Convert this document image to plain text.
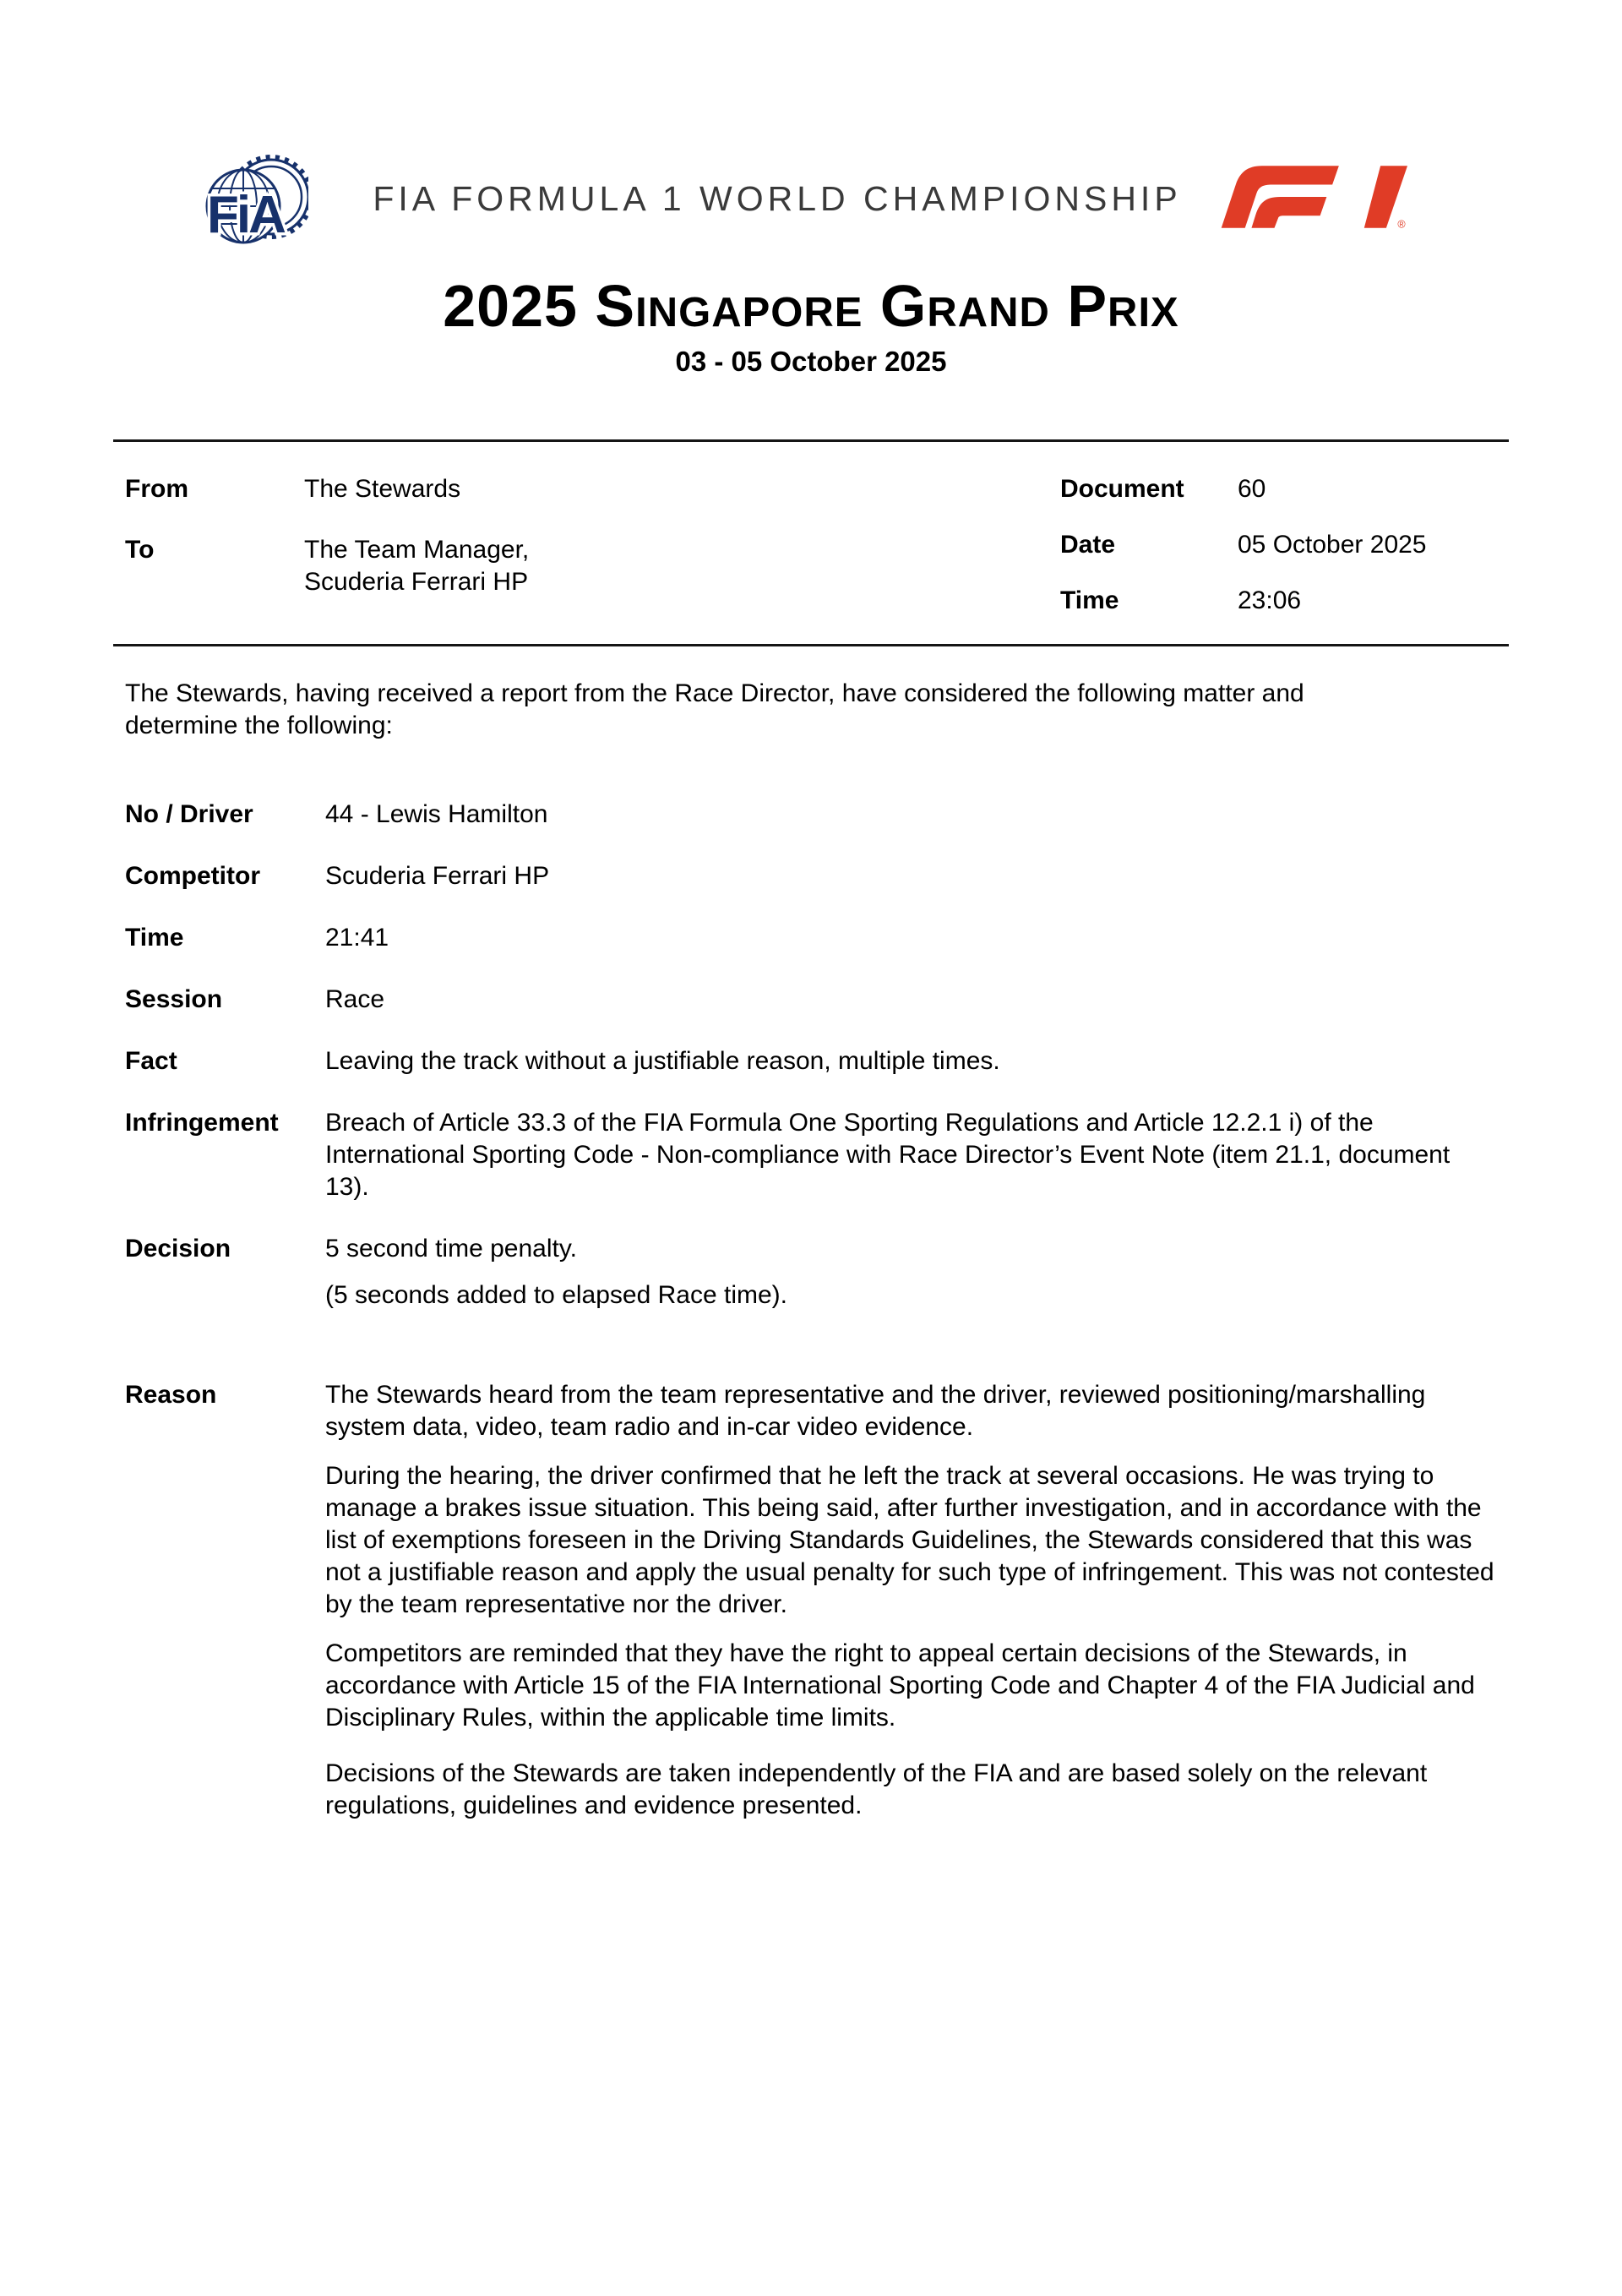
FiA	FIA FORMULA 1 WORLD CHAMPIONSHIP
®
2025 Singapore Grand Prix
03 - 05 October 2025
From	The Stewards
To	The Team Manager,
Scuderia Ferrari HP
Document	60
Date	05 October 2025
Time	23:06

The Stewards, having received a report from the Race Director, have considered the following matter and determine the following:

No / Driver	44 - Lewis Hamilton
Competitor	Scuderia Ferrari HP
Time	21:41
Session	Race
Fact	Leaving the track without a justifiable reason, multiple times.
Infringement	Breach of Article 33.3 of the FIA Formula One Sporting Regulations and Article 12.2.1 i) of the International Sporting Code - Non-compliance with Race Director’s Event Note (item 21.1, document 13).
Decision	5 second time penalty.

(5 seconds added to elapsed Race time).

Reason	The Stewards heard from the team representative and the driver, reviewed positioning/marshalling system data, video, team radio and in-car video evidence.

During the hearing, the driver confirmed that he left the track at several occasions. He was trying to manage a brakes issue situation. This being said, after further investigation, and in accordance with the list of exemptions foreseen in the Driving Standards Guidelines, the Stewards considered that this was not a justifiable reason and apply the usual penalty for such type of infringement. This was not contested by the team representative nor the driver.

Competitors are reminded that they have the right to appeal certain decisions of the Stewards, in accordance with Article 15 of the FIA International Sporting Code and Chapter 4 of the FIA Judicial and Disciplinary Rules, within the applicable time limits.

Decisions of the Stewards are taken independently of the FIA and are based solely on the relevant regulations, guidelines and evidence presented.
